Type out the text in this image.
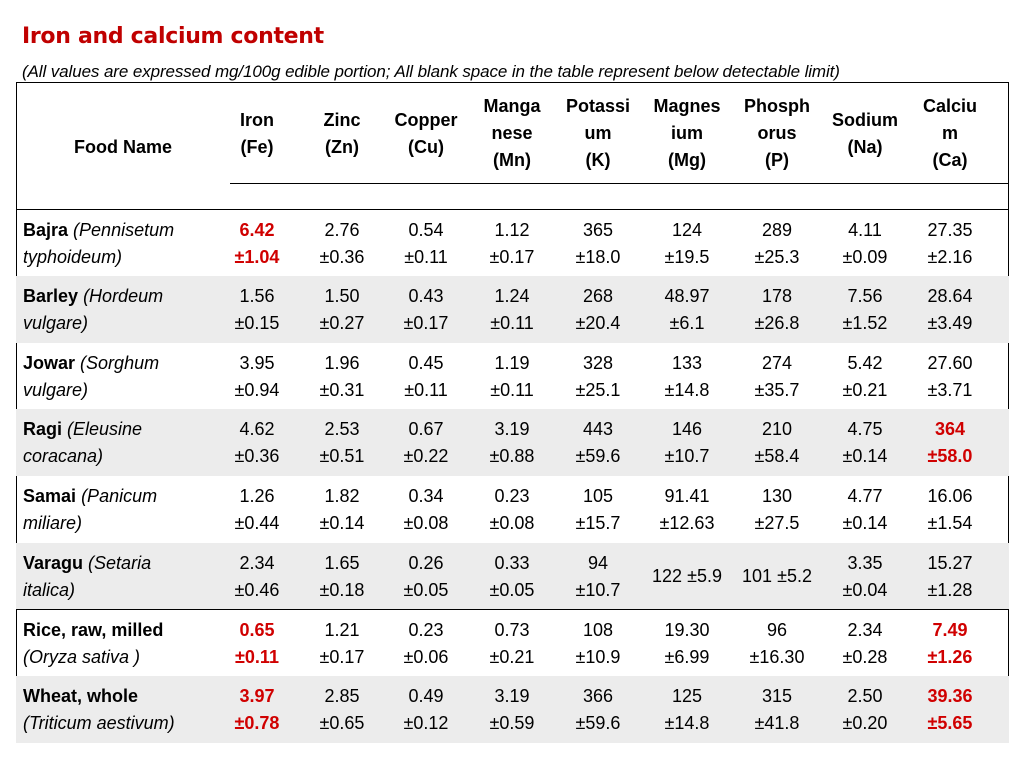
Iron and calcium content
(All values are expressed mg/100g edible portion; All blank space in the table represent below detectable limit)
Food Name
Iron
(Fe)
Zinc
(Zn)
Copper
(Cu)
Manga
nese
(Mn)
Potassi
um
(K)
Magnes
ium
(Mg)
Phosph
orus
(P)
Sodium
(Na)
Calciu
m
(Ca)
Bajra (Pennisetum
typhoideum)
6.42
±1.04
2.76
±0.36
0.54
±0.11
1.12
±0.17
365
±18.0
124
±19.5
289
±25.3
4.11
±0.09
27.35
±2.16
Barley (Hordeum
vulgare)
1.56
±0.15
1.50
±0.27
0.43
±0.17
1.24
±0.11
268
±20.4
48.97
±6.1
178
±26.8
7.56
±1.52
28.64
±3.49
Jowar (Sorghum
vulgare)
3.95
±0.94
1.96
±0.31
0.45
±0.11
1.19
±0.11
328
±25.1
133
±14.8
274
±35.7
5.42
±0.21
27.60
±3.71
Ragi (Eleusine
coracana)
4.62
±0.36
2.53
±0.51
0.67
±0.22
3.19
±0.88
443
±59.6
146
±10.7
210
±58.4
4.75
±0.14
364
±58.0
Samai (Panicum
miliare)
1.26
±0.44
1.82
±0.14
0.34
±0.08
0.23
±0.08
105
±15.7
91.41
±12.63
130
±27.5
4.77
±0.14
16.06
±1.54
Varagu (Setaria
italica)
2.34
±0.46
1.65
±0.18
0.26
±0.05
0.33
±0.05
94
±10.7
122 ±5.9	101 ±5.2
3.35
±0.04
15.27
±1.28
Rice, raw, milled
(Oryza sativa )
0.65
±0.11
1.21
±0.17
0.23
±0.06
0.73
±0.21
108
±10.9
19.30
±6.99
96
±16.30
2.34
±0.28
7.49
±1.26
Wheat, whole
(Triticum aestivum)
3.97
±0.78
2.85
±0.65
0.49
±0.12
3.19
±0.59
366
±59.6
125
±14.8
315
±41.8
2.50
±0.20
39.36
±5.65
